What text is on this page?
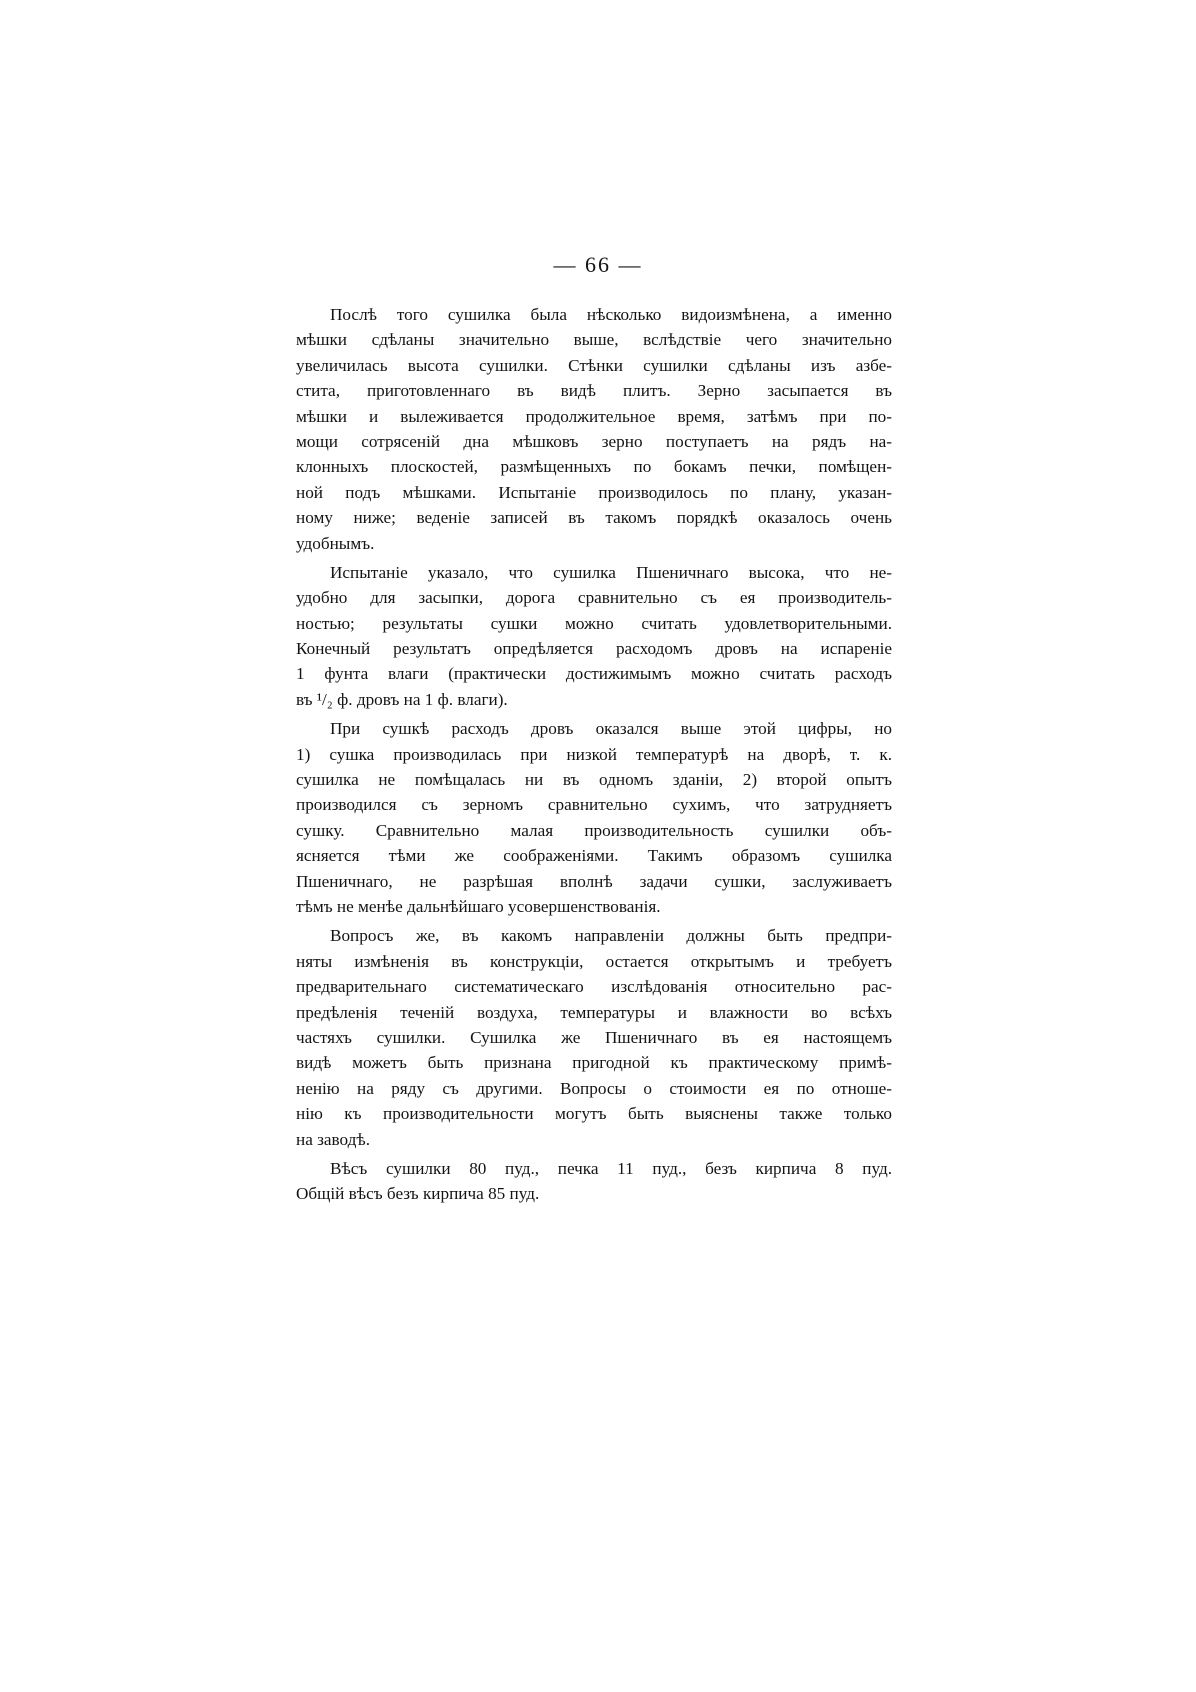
— 66 —
Послѣ того сушилка была нѣсколько видоизмѣнена, а именно
мѣшки сдѣланы значительно выше, вслѣдствіе чего значительно
увеличилась высота сушилки. Стѣнки сушилки сдѣланы изъ азбе-
стита, приготовленнаго въ видѣ плитъ. Зерно засыпается въ
мѣшки и вылеживается продолжительное время, затѣмъ при по-
мощи сотрясеній дна мѣшковъ зерно поступаетъ на рядъ на-
клонныхъ плоскостей, размѣщенныхъ по бокамъ печки, помѣщен-
ной подъ мѣшками. Испытаніе производилось по плану, указан-
ному ниже; веденіе записей въ такомъ порядкѣ оказалось очень
удобнымъ.
Испытаніе указало, что сушилка Пшеничнаго высока, что не-
удобно для засыпки, дорога сравнительно съ ея производитель-
ностью; результаты сушки можно считать удовлетворительными.
Конечный результатъ опредѣляется расходомъ дровъ на испареніе
1 фунта влаги (практически достижимымъ можно считать расходъ
въ ¹/₂ ф. дровъ на 1 ф. влаги).
При сушкѣ расходъ дровъ оказался выше этой цифры, но
1) сушка производилась при низкой температурѣ на дворѣ, т. к.
сушилка не помѣщалась ни въ одномъ зданіи, 2) второй опытъ
производился съ зерномъ сравнительно сухимъ, что затрудняетъ
сушку. Сравнительно малая производительность сушилки объ-
ясняется тѣми же соображеніями. Такимъ образомъ сушилка
Пшеничнаго, не разрѣшая вполнѣ задачи сушки, заслуживаетъ
тѣмъ не менѣе дальнѣйшаго усовершенствованія.
Вопросъ же, въ какомъ направленіи должны быть предпри-
няты измѣненія въ конструкціи, остается открытымъ и требуетъ
предварительнаго систематическаго изслѣдованія относительно рас-
предѣленія теченій воздуха, температуры и влажности во всѣхъ
частяхъ сушилки. Сушилка же Пшеничнаго въ ея настоящемъ
видѣ можетъ быть признана пригодной къ практическому примѣ-
ненію на ряду съ другими. Вопросы о стоимости ея по отноше-
нію къ производительности могутъ быть выяснены также только
на заводѣ.
Вѣсъ сушилки 80 пуд., печка 11 пуд., безъ кирпича 8 пуд.
Общій вѣсъ безъ кирпича 85 пуд.
